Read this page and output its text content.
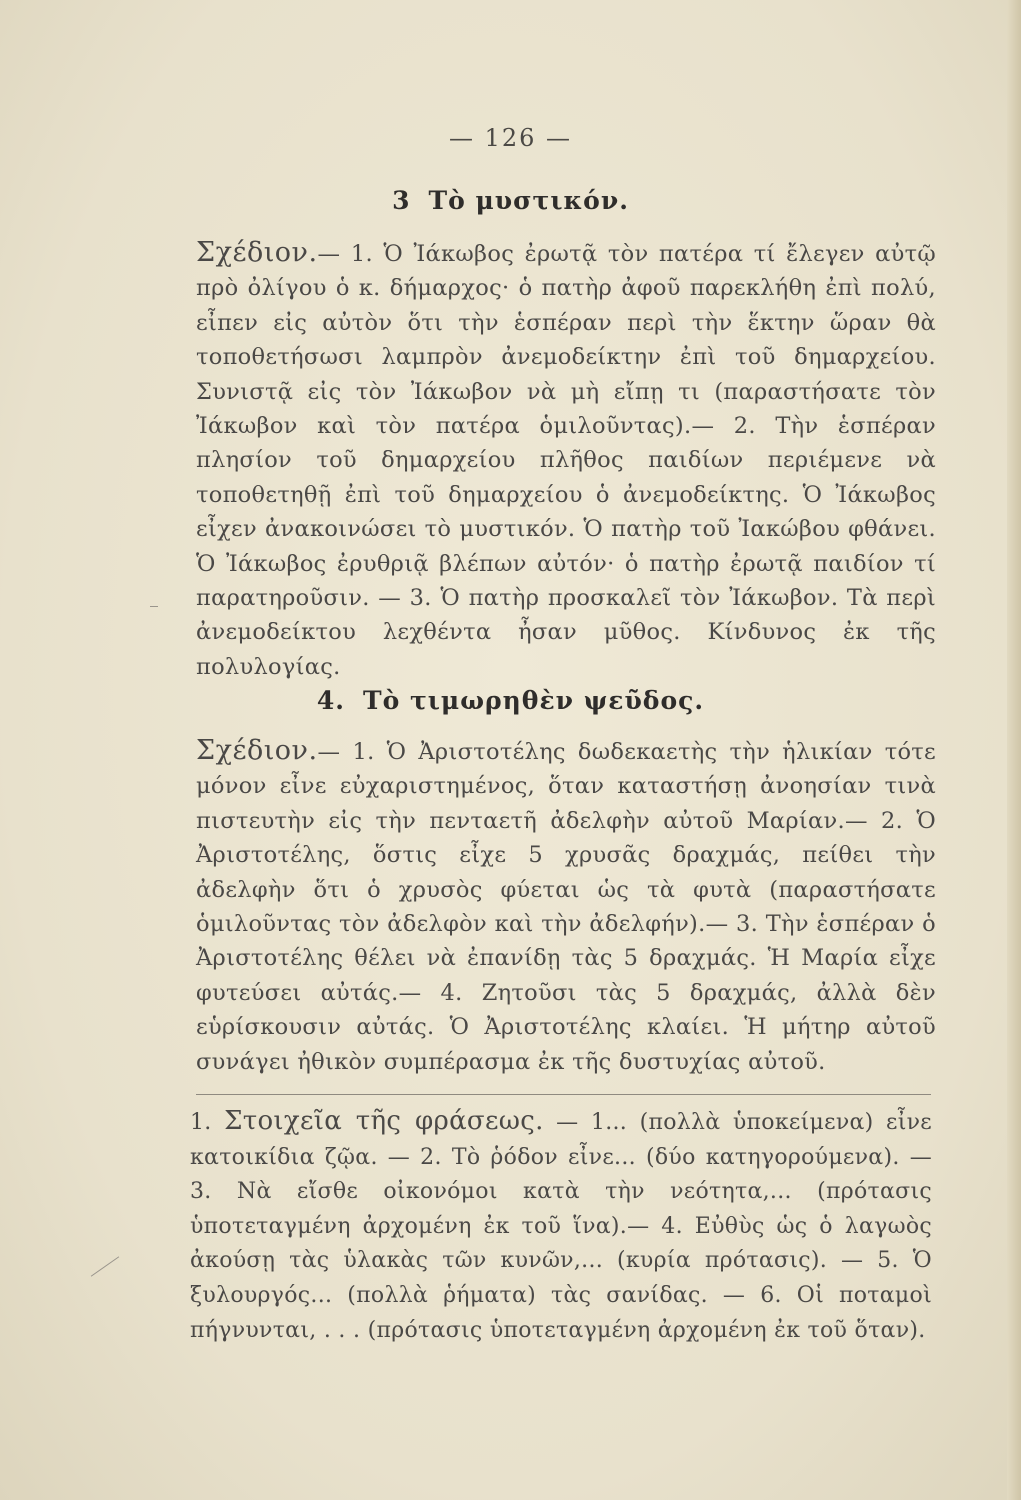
— 126 —
3 Τὸ μυστικόν.
Σχέδιον.— 1. Ὁ Ἰάκωβος ἐρωτᾷ τὸν πατέρα τί ἔλεγεν αὐτῷ πρὸ ὀλίγου ὁ κ. δήμαρχος· ὁ πατὴρ ἀφοῦ παρεκλήθη ἐπὶ πολύ, εἶπεν εἰς αὐτὸν ὅτι τὴν ἑσπέραν περὶ τὴν ἕκτην ὥραν θὰ τοποθετήσωσι λαμπρὸν ἀνεμοδείκτην ἐπὶ τοῦ δημαρχείου. Συνιστᾷ εἰς τὸν Ἰάκωβον νὰ μὴ εἴπῃ τι (παραστήσατε τὸν Ἰάκωβον καὶ τὸν πατέρα ὁμιλοῦντας).— 2. Τὴν ἑσπέραν πλησίον τοῦ δημαρχείου πλῆθος παιδίων περιέμενε νὰ τοποθετηθῇ ἐπὶ τοῦ δημαρχείου ὁ ἀνεμοδείκτης. Ὁ Ἰάκωβος εἶχεν ἀνακοινώσει τὸ μυστικόν. Ὁ πατὴρ τοῦ Ἰακώβου φθάνει. Ὁ Ἰάκωβος ἐρυθριᾷ βλέπων αὐτόν· ὁ πατὴρ ἐρωτᾷ παιδίον τί παρατηροῦσιν. — 3. Ὁ πατὴρ προσκαλεῖ τὸν Ἰάκωβον. Τὰ περὶ ἀνεμοδείκτου λεχθέντα ἦσαν μῦθος. Κίνδυνος ἐκ τῆς πολυλογίας.
4. Τὸ τιμωρηθὲν ψεῦδος.
Σχέδιον.— 1. Ὁ Ἀριστοτέλης δωδεκαετὴς τὴν ἡλικίαν τότε μόνον εἶνε εὐχαριστημένος, ὅταν καταστήσῃ ἀνοησίαν τινὰ πιστευτὴν εἰς τὴν πενταετῆ ἀδελφὴν αὐτοῦ Μαρίαν.— 2. Ὁ Ἀριστοτέλης, ὅστις εἶχε 5 χρυσᾶς δραχμάς, πείθει τὴν ἀδελφὴν ὅτι ὁ χρυσὸς φύεται ὡς τὰ φυτὰ (παραστήσατε ὁμιλοῦντας τὸν ἀδελφὸν καὶ τὴν ἀδελφήν).— 3. Τὴν ἑσπέραν ὁ Ἀριστοτέλης θέλει νὰ ἐπανίδῃ τὰς 5 δραχμάς. Ἡ Μαρία εἶχε φυτεύσει αὐτάς.— 4. Ζητοῦσι τὰς 5 δραχμάς, ἀλλὰ δὲν εὑρίσκουσιν αὐτάς. Ὁ Ἀριστοτέλης κλαίει. Ἡ μήτηρ αὐτοῦ συνάγει ἠθικὸν συμπέρασμα ἐκ τῆς δυστυχίας αὐτοῦ.
1. Στοιχεῖα τῆς φράσεως. — 1... (πολλὰ ὑποκείμενα) εἶνε κατοικίδια ζῷα. — 2. Τὸ ῥόδον εἶνε... (δύο κατηγορούμενα). — 3. Νὰ εἴσθε οἰκονόμοι κατὰ τὴν νεότητα,... (πρότασις ὑποτεταγμένη ἀρχομένη ἐκ τοῦ ἵνα).— 4. Εὐθὺς ὡς ὁ λαγωὸς ἀκούσῃ τὰς ὑλακὰς τῶν κυνῶν,... (κυρία πρότασις). — 5. Ὁ ξυλουργός... (πολλὰ ῥήματα) τὰς σανίδας. — 6. Οἱ ποταμοὶ πήγνυνται, . . . (πρότασις ὑποτεταγμένη ἀρχομένη ἐκ τοῦ ὅταν).
